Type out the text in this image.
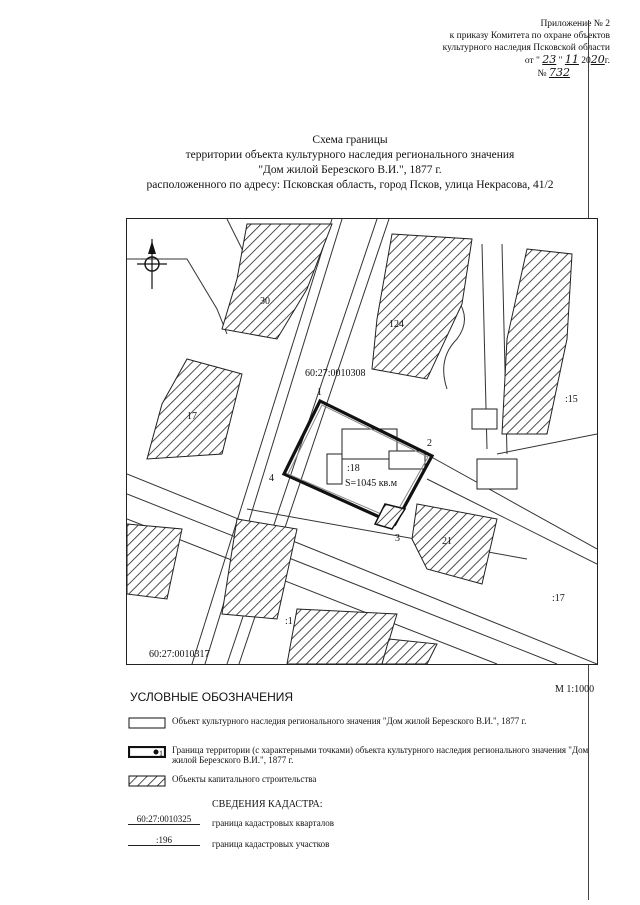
Приложение № 2
к приказу Комитета по охране объектов
культурного наследия Псковской области
от " 23 " 11 2020г.
№ 732
Схема границы
территории объекта культурного наследия регионального значения
"Дом жилой Березского В.И.", 1877 г.
расположенного по адресу: Псковская область, город Псков, улица Некрасова, 41/2
30
124
60:27:0010308
17
:15
:18
S=1045 кв.м
21
:17
:1
60:27:0010317
1
2
3
4
М 1:1000
УСЛОВНЫЕ ОБОЗНАЧЕНИЯ
Объект культурного наследия регионального значения "Дом жилой Березского В.И.", 1877 г.
1 Граница территории (с характерными точками) объекта культурного наследия регионального значения "Дом жилой Березского В.И.", 1877 г.
Объекты капитального строительства
СВЕДЕНИЯ КАДАСТРА:
60:27:0010325	граница кадастровых кварталов
:196	граница кадастровых участков
